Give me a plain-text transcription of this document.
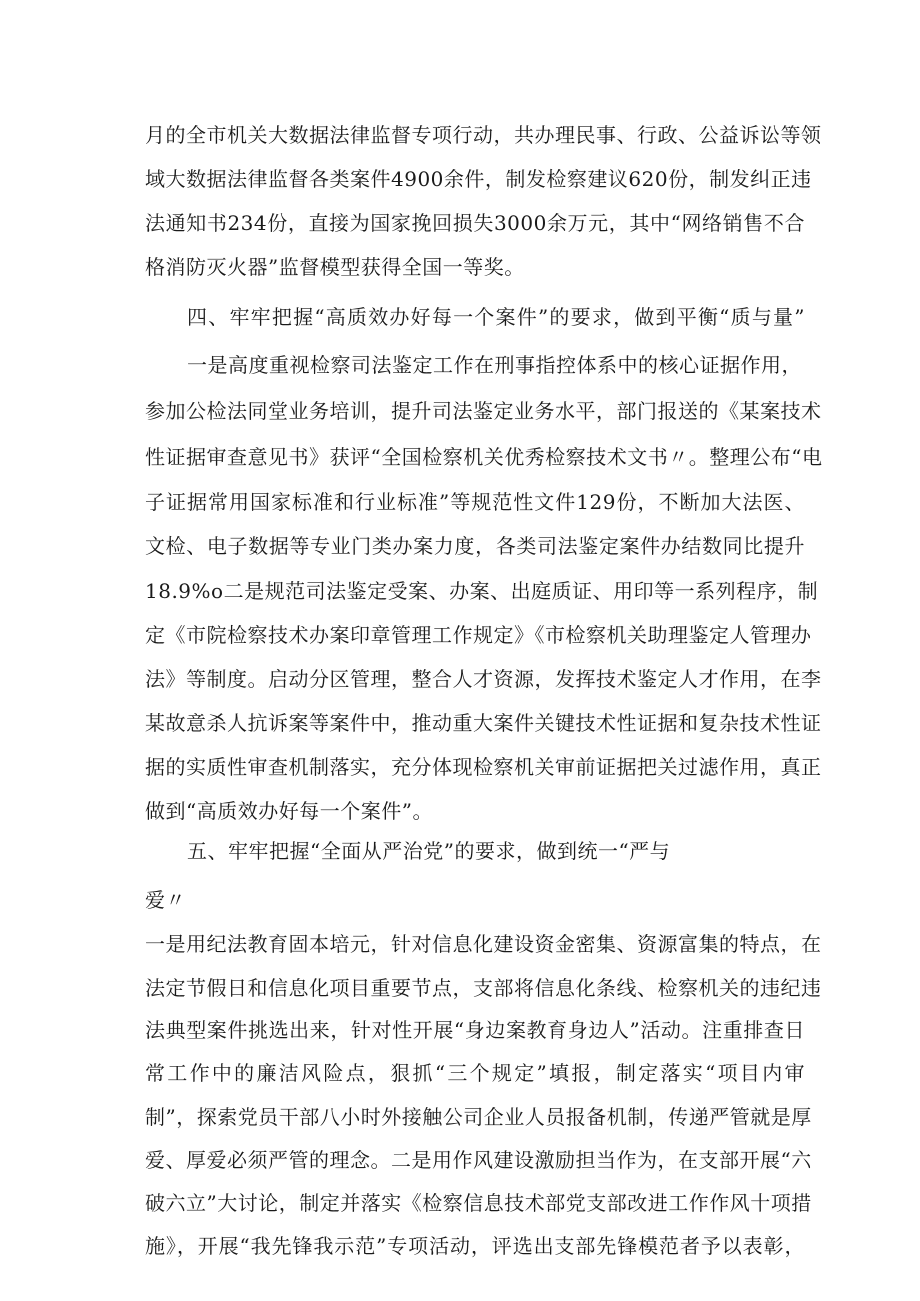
月的全市机关大数据法律监督专项行动，共办理民事、行政、公益诉讼等领
域大数据法律监督各类案件4900余件，制发检察建议620份，制发纠正违
法通知书234份，直接为国家挽回损失3000余万元，其中“网络销售不合
格消防灭火器”监督模型获得全国一等奖。
四、牢牢把握“高质效办好每一个案件”的要求，做到平衡“质与量”
一是高度重视检察司法鉴定工作在刑事指控体系中的核心证据作用，
参加公检法同堂业务培训，提升司法鉴定业务水平，部门报送的《某案技术
性证据审查意见书》获评“全国检察机关优秀检察技术文书〃。整理公布“电
子证据常用国家标准和行业标准”等规范性文件129份，不断加大法医、
文检、电子数据等专业门类办案力度，各类司法鉴定案件办结数同比提升
18.9%o二是规范司法鉴定受案、办案、出庭质证、用印等一系列程序，制
定《市院检察技术办案印章管理工作规定》《市检察机关助理鉴定人管理办
法》等制度。启动分区管理，整合人才资源，发挥技术鉴定人才作用，在李
某故意杀人抗诉案等案件中，推动重大案件关键技术性证据和复杂技术性证
据的实质性审查机制落实，充分体现检察机关审前证据把关过滤作用，真正
做到“高质效办好每一个案件”。
五、牢牢把握“全面从严治党”的要求，做到统一“严与
爱〃
一是用纪法教育固本培元，针对信息化建设资金密集、资源富集的特点，在
法定节假日和信息化项目重要节点，支部将信息化条线、检察机关的违纪违
法典型案件挑选出来，针对性开展“身边案教育身边人”活动。注重排查日
常工作中的廉洁风险点，狠抓“三个规定”填报，制定落实“项目内审
制”，探索党员干部八小时外接触公司企业人员报备机制，传递严管就是厚
爱、厚爱必须严管的理念。二是用作风建设激励担当作为，在支部开展“六
破六立”大讨论，制定并落实《检察信息技术部党支部改进工作作风十项措
施》，开展“我先锋我示范”专项活动，评选出支部先锋模范者予以表彰，
